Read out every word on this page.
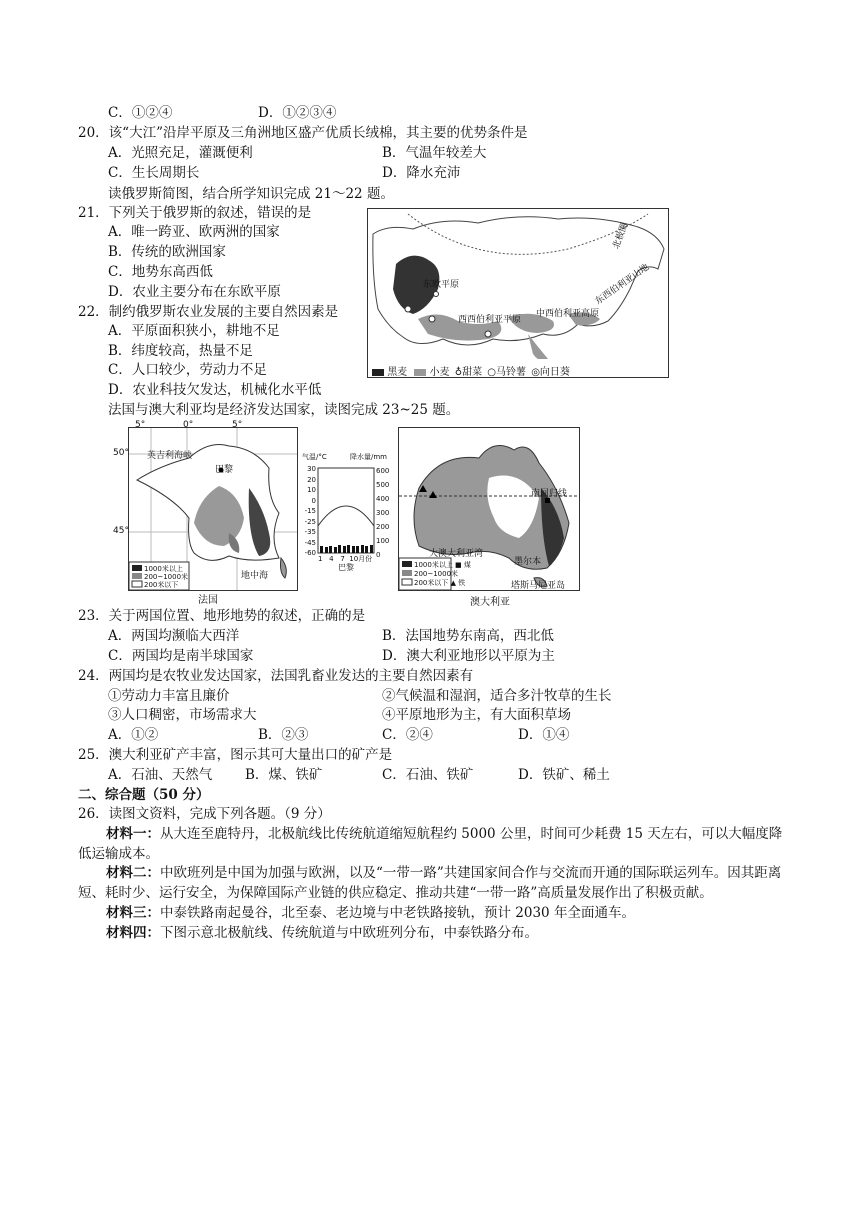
C．①②④	D．①②③④
20．该“大江”沿岸平原及三角洲地区盛产优质长绒棉，其主要的优势条件是
A．光照充足，灌溉便利	B．气温年较差大
C．生长周期长	D．降水充沛
读俄罗斯简图，结合所学知识完成 21～22 题。
21．下列关于俄罗斯的叙述，错误的是
A．唯一跨亚、欧两洲的国家
B．传统的欧洲国家
C．地势东高西低
D．农业主要分布在东欧平原
22．制约俄罗斯农业发展的主要自然因素是
A．平原面积狭小，耕地不足
B．纬度较高，热量不足
C．人口较少，劳动力不足
D．农业科技欠发达，机械化水平低
法国与澳大利亚均是经济发达国家，读图完成 23~25 题。
北极圈
东西伯利亚山地
中西伯利亚高原
西西伯利亚平原
东欧平原
黑麦 小麦 ♁甜菜 ○马铃薯 ◎向日葵
英吉利海峡
巴黎
地中海
1000米以上
200~1000米
200米以下
5°	0°	5°
50°
45°
法国
气温/°C	降水量/mm
30
20
10
0
-15
-25
-35
-45
-60
600
500
400
300
200
100
0
1 4 7 10月份
巴黎
南回归线
大澳大利亚湾
墨尔本
塔斯马尼亚岛
1000米以上 ■ 煤
200~1000米
200米以下 ▲ 铁
澳大利亚
23．关于两国位置、地形地势的叙述，正确的是
A．两国均濒临大西洋	B．法国地势东南高，西北低
C．两国均是南半球国家	D．澳大利亚地形以平原为主
24．两国均是农牧业发达国家，法国乳畜业发达的主要自然因素有
①劳动力丰富且廉价	②气候温和湿润，适合多汁牧草的生长
③人口稠密，市场需求大	④平原地形为主，有大面积草场
A．①②	B．②③	C．②④	D．①④
25．澳大利亚矿产丰富，图示其可大量出口的矿产是
A．石油、天然气 B．煤、铁矿	C．石油、铁矿	D．铁矿、稀土
二、综合题（50 分）
26．读图文资料，完成下列各题。（9 分）
材料一：从大连至鹿特丹，北极航线比传统航道缩短航程约 5000 公里，时间可少耗费 15 天左右，可以大幅度降低运输成本。
材料二：中欧班列是中国为加强与欧洲，以及“一带一路”共建国家间合作与交流而开通的国际联运列车。因其距离短、耗时少、运行安全，为保障国际产业链的供应稳定、推动共建“一带一路”高质量发展作出了积极贡献。
材料三：中泰铁路南起曼谷，北至泰、老边境与中老铁路接轨，预计 2030 年全面通车。
材料四：下图示意北极航线、传统航道与中欧班列分布，中泰铁路分布。
